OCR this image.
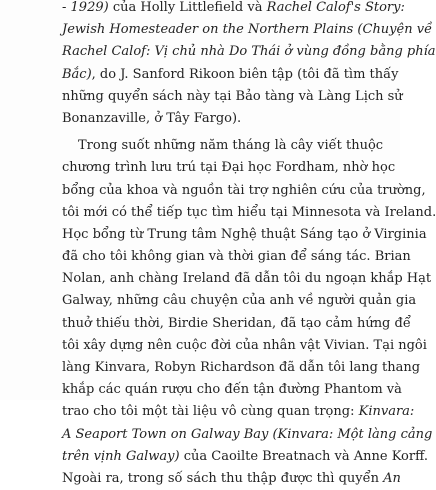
- 1929) của Holly Littlefield và Rachel Calof's Story:
Jewish Homesteader on the Northern Plains (Chuyện về
Rachel Calof: Vị chủ nhà Do Thái ở vùng đồng bằng phía
Bắc), do J. Sanford Rikoon biên tập (tôi đã tìm thấy
những quyển sách này tại Bảo tàng và Làng Lịch sử
Bonanzaville, ở Tây Fargo).
Trong suốt những năm tháng là cây viết thuộc
chương trình lưu trú tại Đại học Fordham, nhờ học
bổng của khoa và nguồn tài trợ nghiên cứu của trường,
tôi mới có thể tiếp tục tìm hiểu tại Minnesota và Ireland.
Học bổng từ Trung tâm Nghệ thuật Sáng tạo ở Virginia
đã cho tôi không gian và thời gian để sáng tác. Brian
Nolan, anh chàng Ireland đã dẫn tôi du ngoạn khắp Hạt
Galway, những câu chuyện của anh về người quản gia
thuở thiếu thời, Birdie Sheridan, đã tạo cảm hứng để
tôi xây dựng nên cuộc đời của nhân vật Vivian. Tại ngôi
làng Kinvara, Robyn Richardson đã dẫn tôi lang thang
khắp các quán rượu cho đến tận đường Phantom và
trao cho tôi một tài liệu vô cùng quan trọng: Kinvara:
A Seaport Town on Galway Bay (Kinvara: Một làng cảng
trên vịnh Galway) của Caoilte Breatnach và Anne Korff.
Ngoài ra, trong số sách thu thập được thì quyển An
